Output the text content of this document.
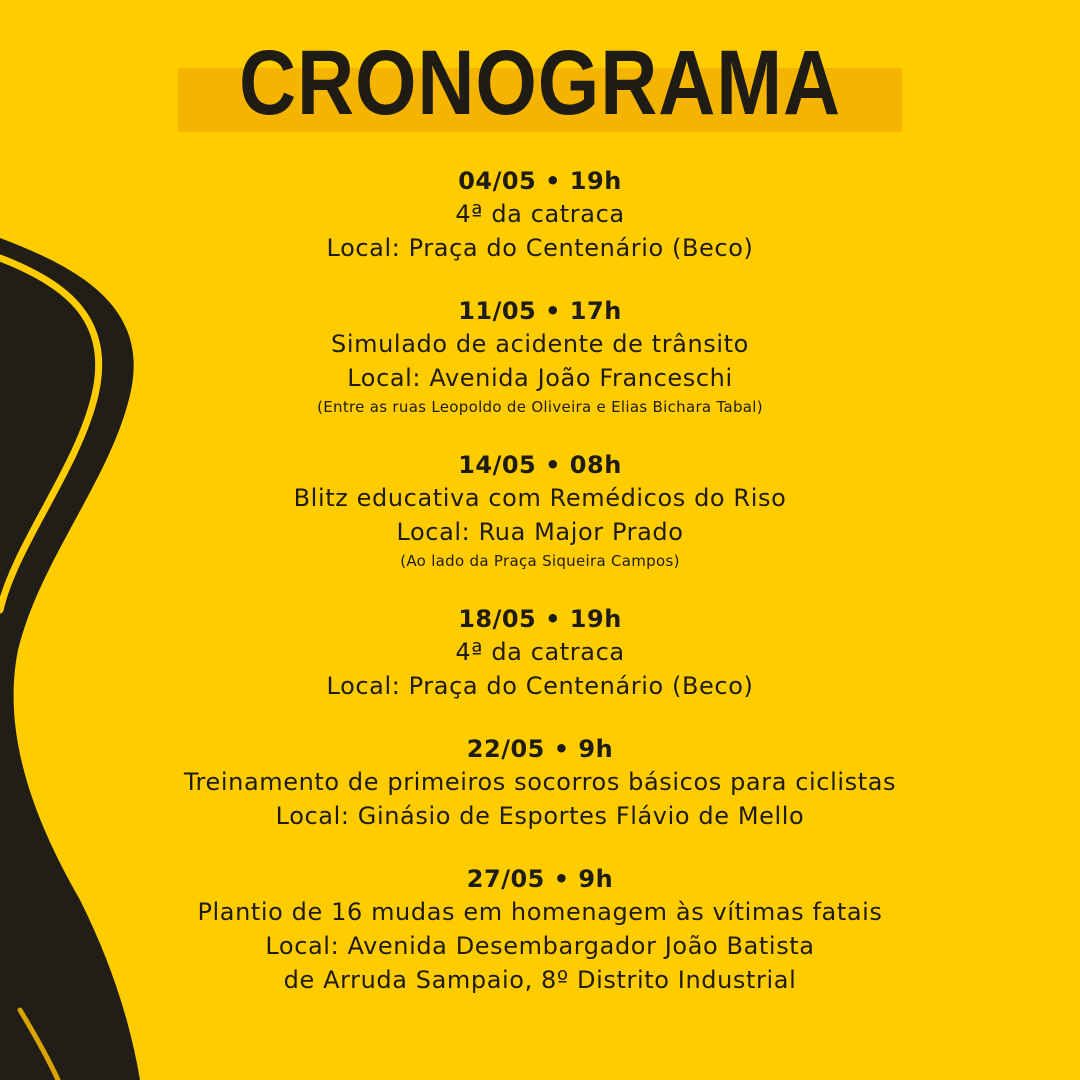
CRONOGRAMA
04/05 • 19h
4ª da catraca
Local: Praça do Centenário (Beco)
11/05 • 17h
Simulado de acidente de trânsito
Local: Avenida João Franceschi
(Entre as ruas Leopoldo de Oliveira e Elias Bichara Tabal)
14/05 • 08h
Blitz educativa com Remédicos do Riso
Local: Rua Major Prado
(Ao lado da Praça Siqueira Campos)
18/05 • 19h
4ª da catraca
Local: Praça do Centenário (Beco)
22/05 • 9h
Treinamento de primeiros socorros básicos para ciclistas
Local: Ginásio de Esportes Flávio de Mello
27/05 • 9h
Plantio de 16 mudas em homenagem às vítimas fatais
Local: Avenida Desembargador João Batista
de Arruda Sampaio, 8º Distrito Industrial
